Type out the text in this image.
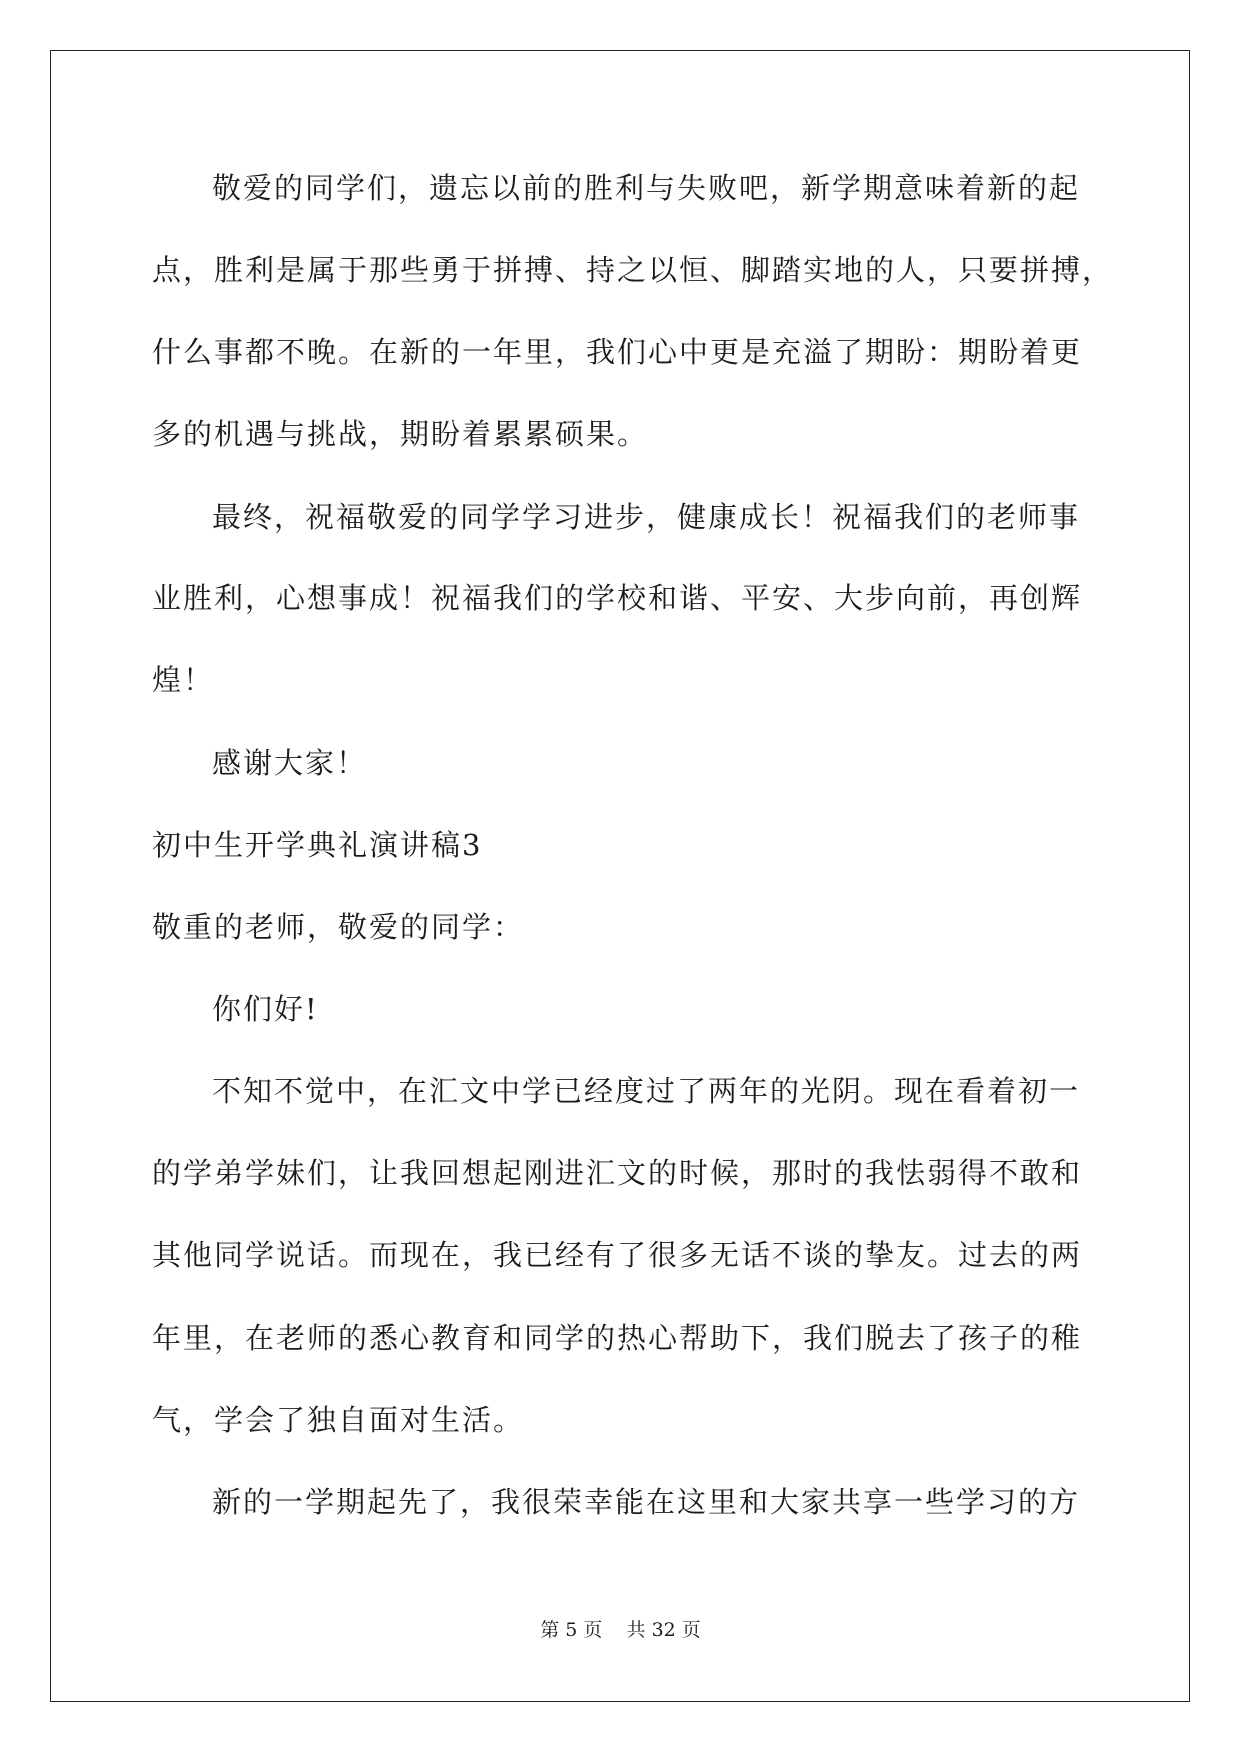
敬爱的同学们，遗忘以前的胜利与失败吧，新学期意味着新的起
点，胜利是属于那些勇于拼搏、持之以恒、脚踏实地的人，只要拼搏，
什么事都不晚。在新的一年里，我们心中更是充溢了期盼：期盼着更
多的机遇与挑战，期盼着累累硕果。
最终，祝福敬爱的同学学习进步，健康成长！祝福我们的老师事
业胜利，心想事成！祝福我们的学校和谐、平安、大步向前，再创辉
煌！
感谢大家！
初中生开学典礼演讲稿3
敬重的老师，敬爱的同学：
你们好!
不知不觉中，在汇文中学已经度过了两年的光阴。现在看着初一
的学弟学妹们，让我回想起刚进汇文的时候，那时的我怯弱得不敢和
其他同学说话。而现在，我已经有了很多无话不谈的挚友。过去的两
年里，在老师的悉心教育和同学的热心帮助下，我们脱去了孩子的稚
气，学会了独自面对生活。
新的一学期起先了，我很荣幸能在这里和大家共享一些学习的方
第 5 页    共 32 页
